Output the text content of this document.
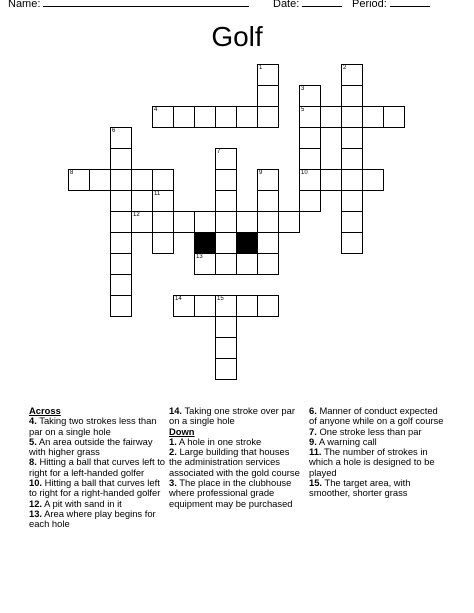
Name:	Date:	Period:
Golf
4	5
8	10
12
13
14	15
1	2
3
6
7
9
11
Across
4. Taking two strokes less than par on a single hole
5. An area outside the fairway with higher grass
8. Hitting a ball that curves left to right for a left-handed golfer
10. Hitting a ball that curves left to right for a right-handed golfer
12. A pit with sand in it
13. Area where play begins for each hole
14. Taking one stroke over par on a single hole
Down
1. A hole in one stroke
2. Large building that houses the administration services associated with the gold course
3. The place in the clubhouse where professional grade equipment may be purchased
6. Manner of conduct expected of anyone while on a golf course
7. One stroke less than par
9. A warning call
11. The number of strokes in which a hole is designed to be played
15. The target area, with smoother, shorter grass
